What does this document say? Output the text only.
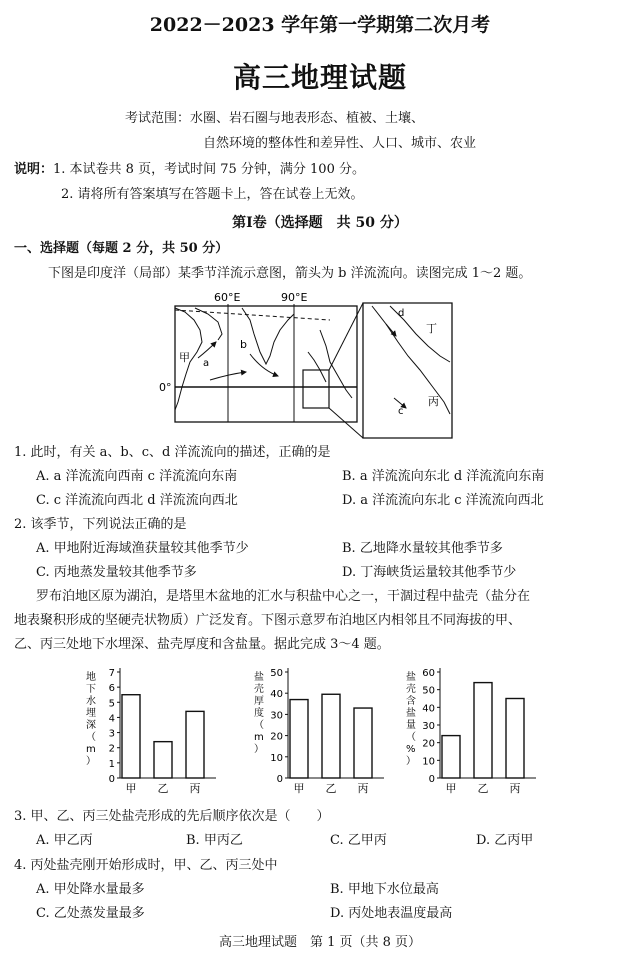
2022－2023 学年第一学期第二次月考
高三地理试题
考试范围：水圈、岩石圈与地表形态、植被、土壤、
自然环境的整体性和差异性、人口、城市、农业
说明：1. 本试卷共 8 页，考试时间 75 分钟，满分 100 分。
2. 请将所有答案填写在答题卡上，答在试卷上无效。
第Ⅰ卷（选择题　共 50 分）
一、选择题（每题 2 分，共 50 分）
下图是印度洋（局部）某季节洋流示意图，箭头为 b 洋流流向。读图完成 1～2 题。
60°E	90°E
0°
甲 a
b
d
丁
c
丙
1. 此时，有关 a、b、c、d 洋流流向的描述，正确的是
A. a 洋流流向西南 c 洋流流向东南	B. a 洋流流向东北 d 洋流流向东南
C. c 洋流流向西北 d 洋流流向西北	D. a 洋流流向东北 c 洋流流向西北
2. 该季节，下列说法正确的是
A. 甲地附近海域渔获量较其他季节少	B. 乙地降水量较其他季节多
C. 丙地蒸发量较其他季节多	D. 丁海峡货运量较其他季节少
罗布泊地区原为湖泊，是塔里木盆地的汇水与积盐中心之一，干涸过程中盐壳（盐分在
地表聚积形成的坚硬壳状物质）广泛发育。下图示意罗布泊地区内相邻且不同海拔的甲、
乙、丙三处地下水埋深、盐壳厚度和含盐量。据此完成 3～4 题。
0
1
2
3
4
5
6
7
地下水埋深（ m ）
甲 乙 丙
0
10
20
30
40
50
盐壳厚度（ m ）
甲 乙 丙
0
10
20
30
40
50
60
盐壳含盐量（%）
甲 乙 丙
3. 甲、乙、丙三处盐壳形成的先后顺序依次是（　　）
A. 甲乙丙	B. 甲丙乙	C. 乙甲丙	D. 乙丙甲
4. 丙处盐壳刚开始形成时，甲、乙、丙三处中
A. 甲处降水量最多	B. 甲地下水位最高
C. 乙处蒸发量最多	D. 丙处地表温度最高
高三地理试题　第 1 页（共 8 页）
